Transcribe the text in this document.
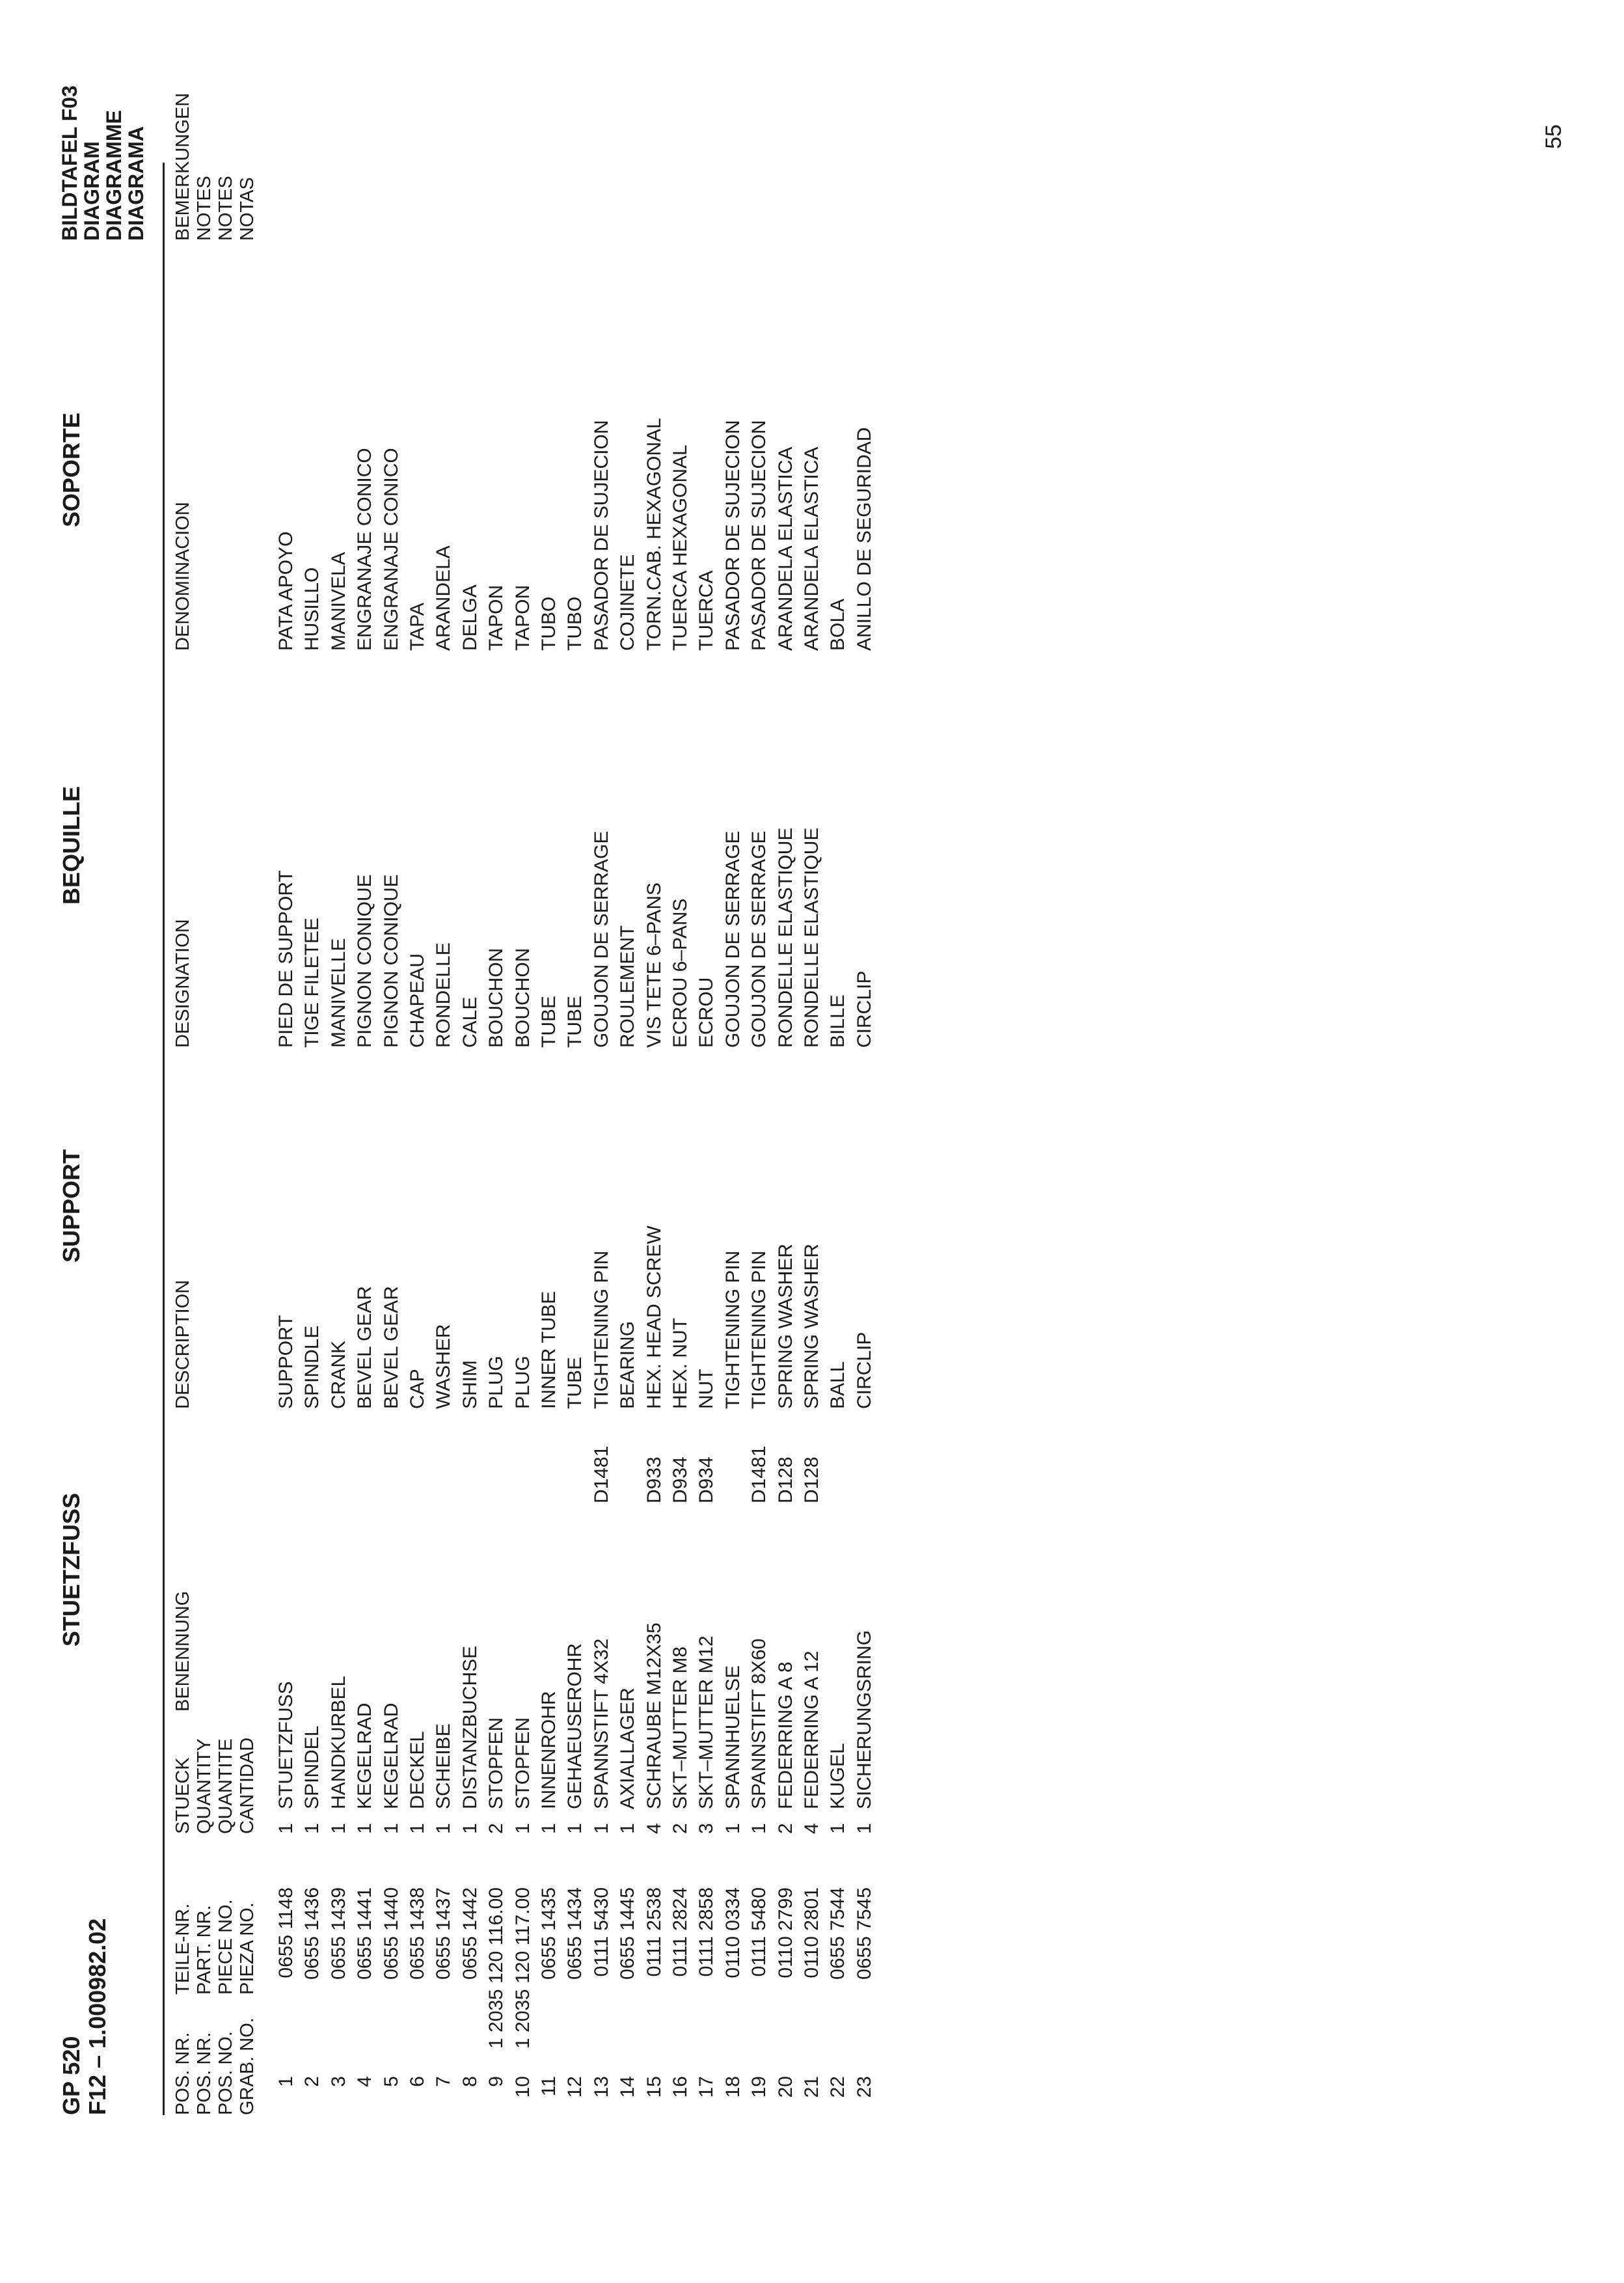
55
GP 520 F12 – 1.000982.02
STUETZFUSS
SUPPORT
BEQUILLE
SOPORTE
BILDTAFEL F03
DIAGRAM
DIAGRAMME
DIAGRAMA
POS. NR. POS. NR. POS. NO. GRAB. NO.
TEILE-NR. PART. NR. PIECE NO. PIEZA NO.
STUECK QUANTITY QUANTITE CANTIDAD
BENENNUNG
DESCRIPTION
DESIGNATION
DENOMINACION
BEMERKUNGEN NOTES NOTES NOTAS
1
0655 1148
1
STUETZFUSS
SUPPORT
PIED DE SUPPORT
PATA APOYO
2
0655 1436
1
SPINDEL
SPINDLE
TIGE FILETEE
HUSILLO
3
0655 1439
1
HANDKURBEL
CRANK
MANIVELLE
MANIVELA
4
0655 1441
1
KEGELRAD
BEVEL GEAR
PIGNON CONIQUE
ENGRANAJE CONICO
5
0655 1440
1
KEGELRAD
BEVEL GEAR
PIGNON CONIQUE
ENGRANAJE CONICO
6
0655 1438
1
DECKEL
CAP
CHAPEAU
TAPA
7
0655 1437
1
SCHEIBE
WASHER
RONDELLE
ARANDELA
8
0655 1442
1
DISTANZBUCHSE
SHIM
CALE
DELGA
9
1 2035 120 116.00
2
STOPFEN
PLUG
BOUCHON
TAPON
10
1 2035 120 117.00
1
STOPFEN
PLUG
BOUCHON
TAPON
11
0655 1435
1
INNENROHR
INNER TUBE
TUBE
TUBO
12
0655 1434
1
GEHAEUSEROHR
TUBE
TUBE
TUBO
13
0111 5430
1
SPANNSTIFT 4X32
D1481
TIGHTENING PIN
GOUJON DE SERRAGE
PASADOR DE SUJECION
14
0655 1445
1
AXIALLAGER
BEARING
ROULEMENT
COJINETE
15
0111 2538
4
SCHRAUBE M12X35
D933
HEX. HEAD SCREW
VIS TETE 6–PANS
TORN.CAB. HEXAGONAL
16
0111 2824
2
SKT–MUTTER M8
D934
HEX. NUT
ECROU 6–PANS
TUERCA HEXAGONAL
17
0111 2858
3
SKT–MUTTER M12
D934
NUT
ECROU
TUERCA
18
0110 0334
1
SPANNHUELSE
TIGHTENING PIN
GOUJON DE SERRAGE
PASADOR DE SUJECION
19
0111 5480
1
SPANNSTIFT 8X60
D1481
TIGHTENING PIN
GOUJON DE SERRAGE
PASADOR DE SUJECION
20
0110 2799
2
FEDERRING A 8
D128
SPRING WASHER
RONDELLE ELASTIQUE
ARANDELA ELASTICA
21
0110 2801
4
FEDERRING A 12
D128
SPRING WASHER
RONDELLE ELASTIQUE
ARANDELA ELASTICA
22
0655 7544
1
KUGEL
BALL
BILLE
BOLA
23
0655 7545
1
SICHERUNGSRING
CIRCLIP
CIRCLIP
ANILLO DE SEGURIDAD
